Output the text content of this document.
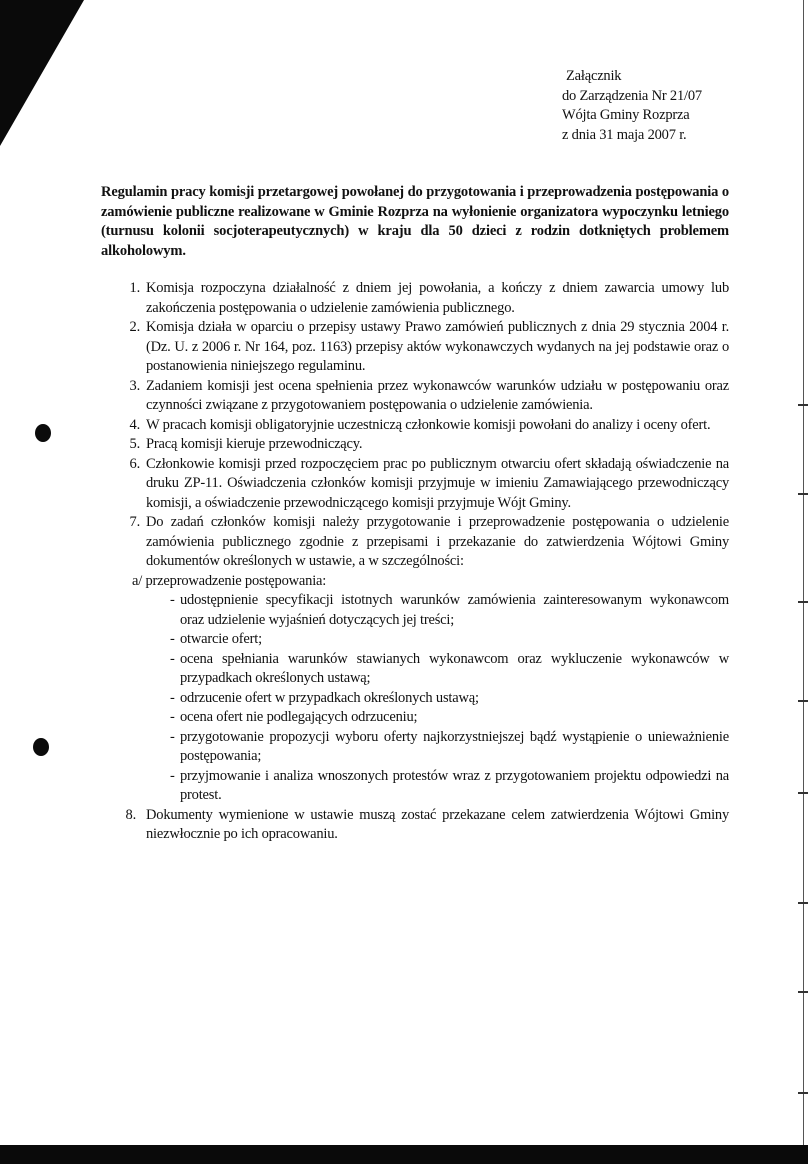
Załącznik
do Zarządzenia Nr 21/07
Wójta Gminy Rozprza
z dnia 31 maja 2007 r.

Regulamin pracy komisji przetargowej powołanej do przygotowania i przeprowadzenia postępowania o zamówienie publiczne realizowane w Gminie Rozprza na wyłonienie organizatora wypoczynku letniego (turnusu kolonii socjoterapeutycznych) w kraju dla 50 dzieci z rodzin dotkniętych problemem alkoholowym.

1. Komisja rozpoczyna działalność z dniem jej powołania, a kończy z dniem zawarcia umowy lub zakończenia postępowania o udzielenie zamówienia publicznego.
2. Komisja działa w oparciu o przepisy ustawy Prawo zamówień publicznych z dnia 29 stycznia 2004 r. (Dz. U. z 2006 r. Nr 164, poz. 1163) przepisy aktów wykonawczych wydanych na jej podstawie oraz o postanowienia niniejszego regulaminu.
3. Zadaniem komisji jest ocena spełnienia przez wykonawców warunków udziału w postępowaniu oraz czynności związane z przygotowaniem postępowania o udzielenie zamówienia.
4. W pracach komisji obligatoryjnie uczestniczą członkowie komisji powołani do analizy i oceny ofert.
5. Pracą komisji kieruje przewodniczący.
6. Członkowie komisji przed rozpoczęciem prac po publicznym otwarciu ofert składają oświadczenie na druku ZP-11. Oświadczenia członków komisji przyjmuje w imieniu Zamawiającego przewodniczący komisji, a oświadczenie przewodniczącego komisji przyjmuje Wójt Gminy.
7. Do zadań członków komisji należy przygotowanie i przeprowadzenie postępowania o udzielenie zamówienia publicznego zgodnie z przepisami i przekazanie do zatwierdzenia Wójtowi Gminy dokumentów określonych w ustawie, a w szczególności:
a/ przeprowadzenie postępowania:
- udostępnienie specyfikacji istotnych warunków zamówienia zainteresowanym wykonawcom oraz udzielenie wyjaśnień dotyczących jej treści;
- otwarcie ofert;
- ocena spełniania warunków stawianych wykonawcom oraz wykluczenie wykonawców w przypadkach określonych ustawą;
- odrzucenie ofert w przypadkach określonych ustawą;
- ocena ofert nie podlegających odrzuceniu;
- przygotowanie propozycji wyboru oferty najkorzystniejszej bądź wystąpienie o unieważnienie postępowania;
- przyjmowanie i analiza wnoszonych protestów wraz z przygotowaniem projektu odpowiedzi na protest.
8. Dokumenty wymienione w ustawie muszą zostać przekazane celem zatwierdzenia Wójtowi Gminy niezwłocznie po ich opracowaniu.
